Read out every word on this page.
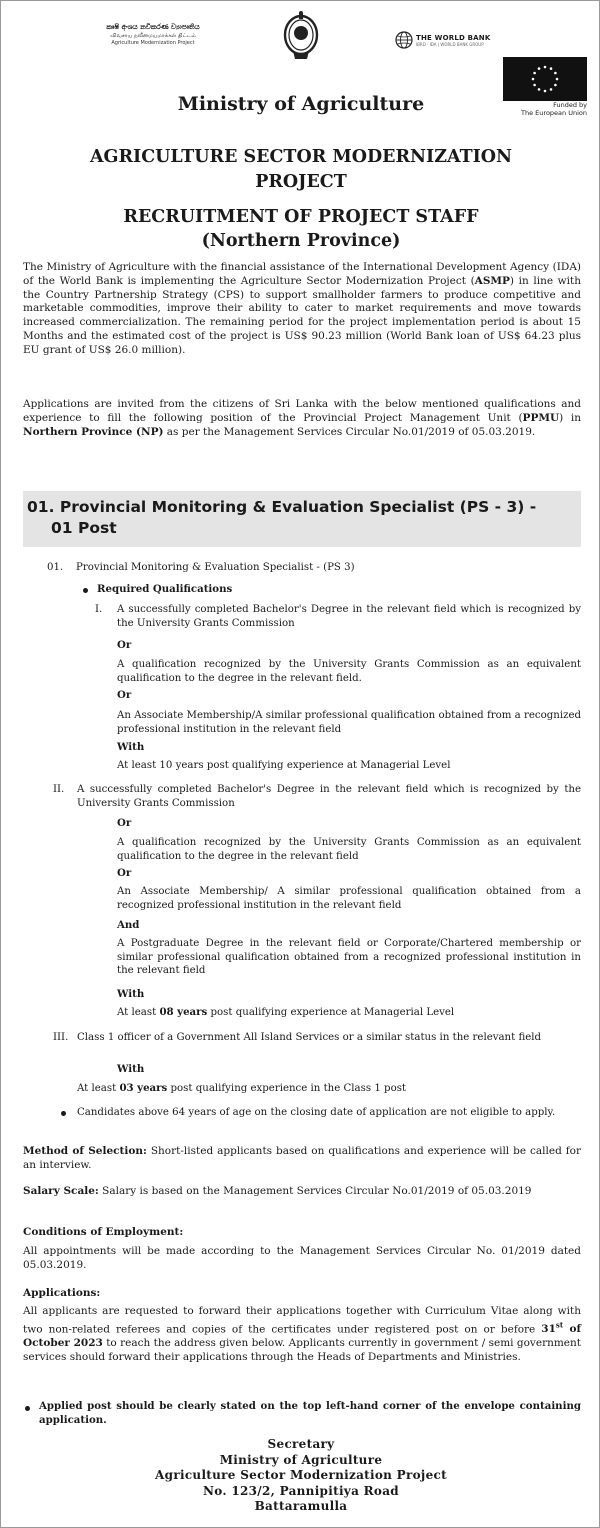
කෘෂි අංශය නවීකරණ ව්‍යාපෘතිය
விவசாய நவீனமயமாக்கல் திட்டம்
Agriculture Modernization Project
THE WORLD BANK
IBRD · IDA | WORLD BANK GROUP
Funded by
The European Union
Ministry of Agriculture
AGRICULTURE SECTOR MODERNIZATION
PROJECT
RECRUITMENT OF PROJECT STAFF
(Northern Province)
The Ministry of Agriculture with the financial assistance of the International Development Agency (IDA) of the World Bank is implementing the Agriculture Sector Modernization Project (ASMP) in line with the Country Partnership Strategy (CPS) to support smallholder farmers to produce competitive and marketable commodities, improve their ability to cater to market requirements and move towards increased commercialization. The remaining period for the project implementation period is about 15 Months and the estimated cost of the project is US$ 90.23 million (World Bank loan of US$ 64.23 plus EU grant of US$ 26.0 million).
Applications are invited from the citizens of Sri Lanka with the below mentioned qualifications and experience to fill the following position of the Provincial Project Management Unit (PPMU) in Northern Province (NP) as per the Management Services Circular No.01/2019 of 05.03.2019.
01. Provincial Monitoring & Evaluation Specialist (PS - 3) -
01 Post
01. Provincial Monitoring & Evaluation Specialist - (PS 3)
Required Qualifications
I. A successfully completed Bachelor's Degree in the relevant field which is recognized by the University Grants Commission
Or
A qualification recognized by the University Grants Commission as an equivalent qualification to the degree in the relevant field.
Or
An Associate Membership/A similar professional qualification obtained from a recognized professional institution in the relevant field
With
At least 10 years post qualifying experience at Managerial Level
II. A successfully completed Bachelor's Degree in the relevant field which is recognized by the University Grants Commission
Or
A qualification recognized by the University Grants Commission as an equivalent qualification to the degree in the relevant field
Or
An Associate Membership/ A similar professional qualification obtained from a recognized professional institution in the relevant field
And
A Postgraduate Degree in the relevant field or Corporate/Chartered membership or similar professional qualification obtained from a recognized professional institution in the relevant field
With
At least 08 years post qualifying experience at Managerial Level
III. Class 1 officer of a Government All Island Services or a similar status in the relevant field
With
At least 03 years post qualifying experience in the Class 1 post
Candidates above 64 years of age on the closing date of application are not eligible to apply.
Method of Selection: Short-listed applicants based on qualifications and experience will be called for an interview.
Salary Scale: Salary is based on the Management Services Circular No.01/2019 of 05.03.2019
Conditions of Employment:
All appointments will be made according to the Management Services Circular No. 01/2019 dated 05.03.2019.
Applications:
All applicants are requested to forward their applications together with Curriculum Vitae along with two non-related referees and copies of the certificates under registered post on or before 31st of October 2023 to reach the address given below. Applicants currently in government / semi government services should forward their applications through the Heads of Departments and Ministries.
Applied post should be clearly stated on the top left-hand corner of the envelope containing application.
Secretary
Ministry of Agriculture
Agriculture Sector Modernization Project
No. 123/2, Pannipitiya Road
Battaramulla
